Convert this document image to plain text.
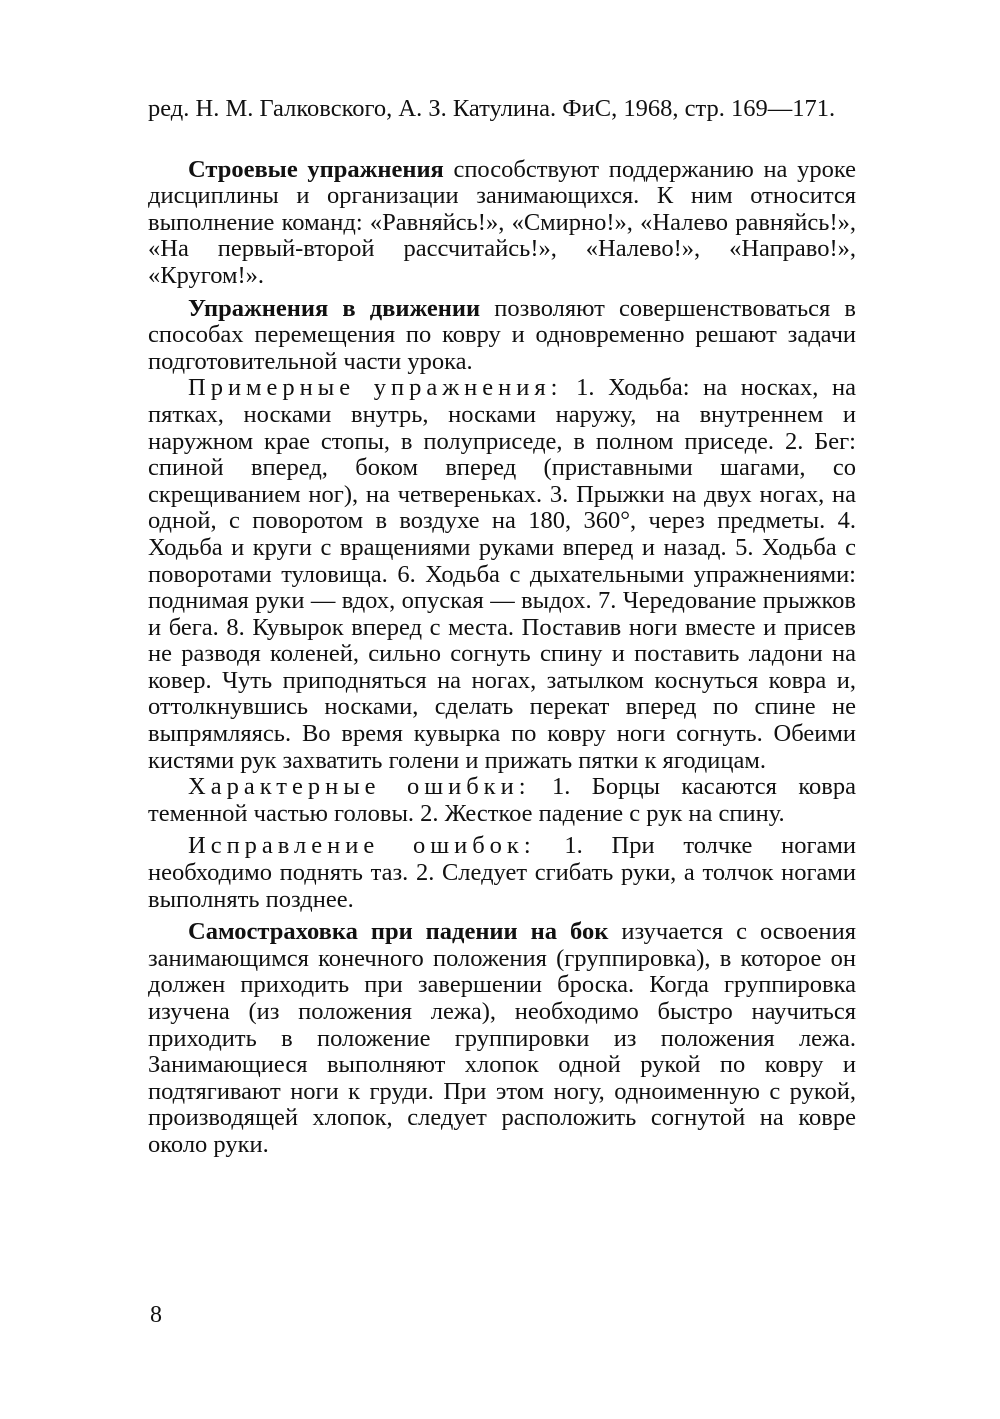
ред. Н. М. Галковского, А. З. Катулина. ФиС, 1968, стр. 169—171.

Строевые упражнения способствуют поддержанию на уроке дисциплины и организации занимающихся. К ним относится выполнение команд: «Равняйсь!», «Смирно!», «Налево равняйсь!», «На первый-второй рассчитайсь!», «Налево!», «Направо!», «Кругом!».

Упражнения в движении позволяют совершенствоваться в способах перемещения по ковру и одновременно решают задачи подготовительной части урока.

Примерные упражнения: 1. Ходьба: на носках, на пятках, носками внутрь, носками наружу, на внутреннем и наружном крае стопы, в полуприседе, в полном приседе. 2. Бег: спиной вперед, боком вперед (приставными шагами, со скрещиванием ног), на четвереньках. 3. Прыжки на двух ногах, на одной, с поворотом в воздухе на 180, 360°, через предметы. 4. Ходьба и круги с вращениями руками вперед и назад. 5. Ходьба с поворотами туловища. 6. Ходьба с дыхательными упражнениями: поднимая руки — вдох, опуская — выдох. 7. Чередование прыжков и бега. 8. Кувырок вперед с места. Поставив ноги вместе и присев не разводя коленей, сильно согнуть спину и поставить ладони на ковер. Чуть приподняться на ногах, затылком коснуться ковра и, оттолкнувшись носками, сделать перекат вперед по спине не выпрямляясь. Во время кувырка по ковру ноги согнуть. Обеими кистями рук захватить голени и прижать пятки к ягодицам.

Характерные ошибки: 1. Борцы касаются ковра теменной частью головы. 2. Жесткое падение с рук на спину.

Исправление ошибок: 1. При толчке ногами необходимо поднять таз. 2. Следует сгибать руки, а толчок ногами выполнять позднее.

Самостраховка при падении на бок изучается с освоения занимающимся конечного положения (группировка), в которое он должен приходить при завершении броска. Когда группировка изучена (из положения лежа), необходимо быстро научиться приходить в положение группировки из положения лежа. Занимающиеся выполняют хлопок одной рукой по ковру и подтягивают ноги к груди. При этом ногу, одноименную с рукой, производящей хлопок, следует расположить согнутой на ковре около руки.

8
